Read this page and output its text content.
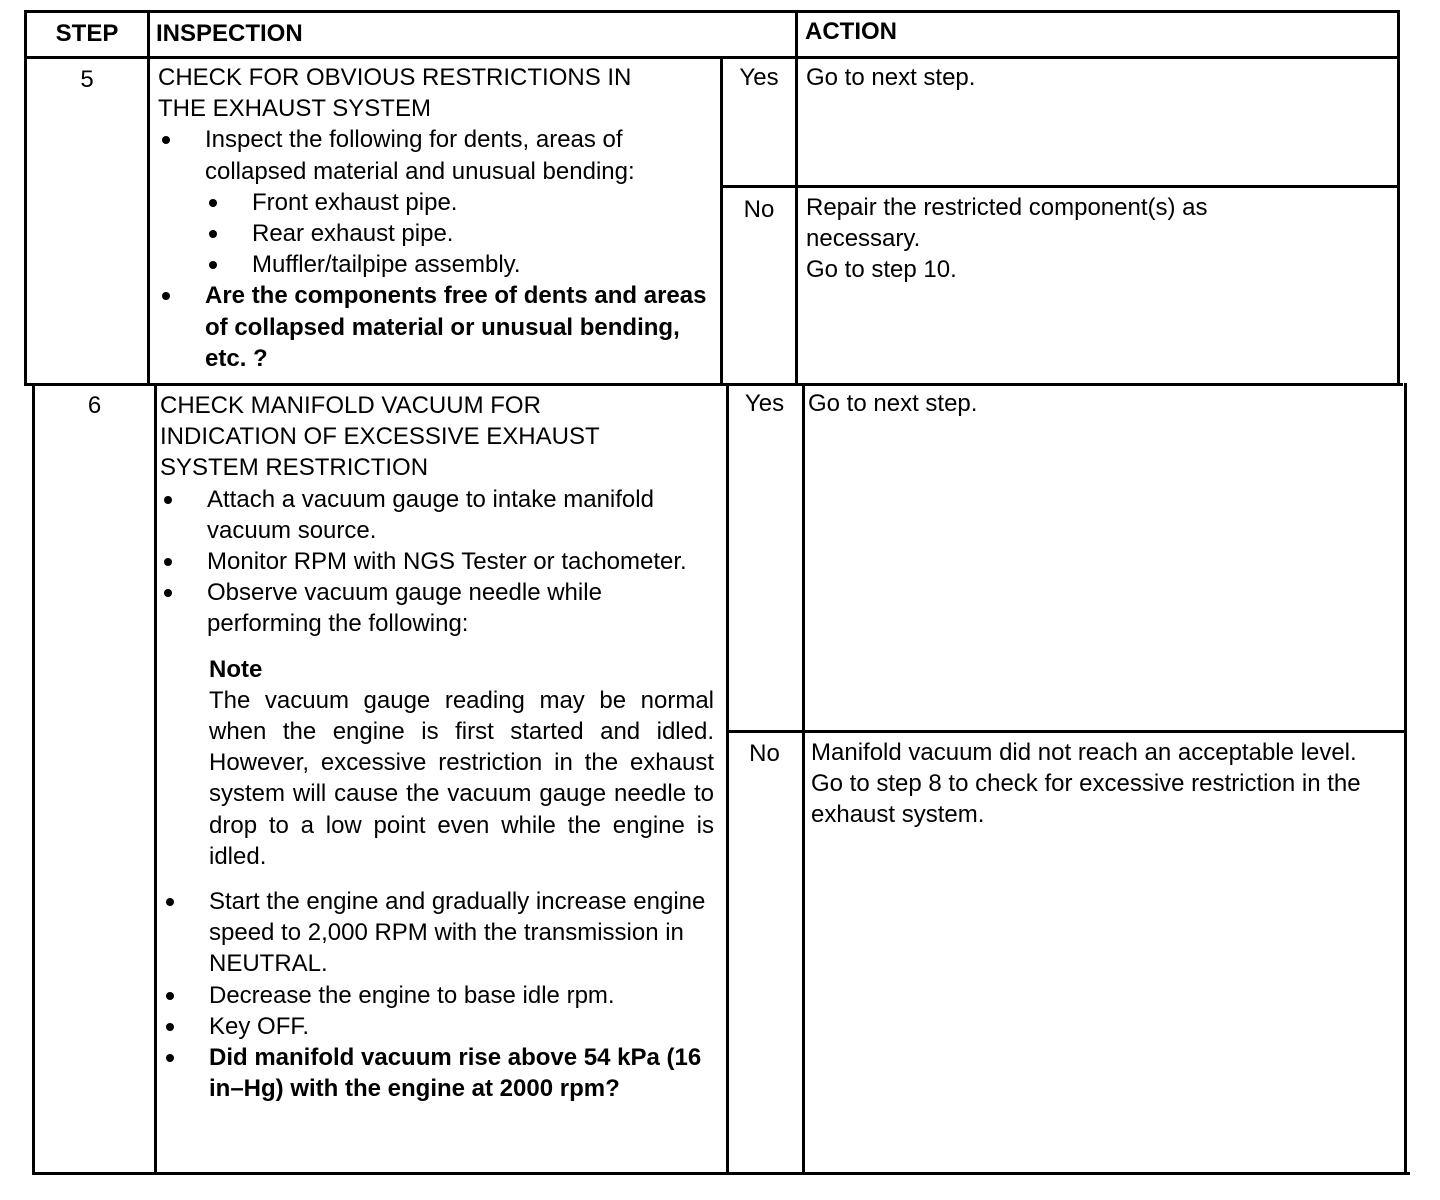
STEP	INSPECTION	ACTION
5	CHECK FOR OBVIOUS RESTRICTIONS IN

THE EXHAUST SYSTEM

Inspect the following for dents, areas of collapsed material and unusual bending:
Front exhaust pipe.
Rear exhaust pipe.
Muffler/tailpipe assembly.
Are the components free of dents and areas of collapsed material or unusual bending, etc. ?
Yes	Go to next step.
No	Repair the restricted component(s) as necessary.

Go to step 10.

6	CHECK MANIFOLD VACUUM FOR

INDICATION OF EXCESSIVE EXHAUST

SYSTEM RESTRICTION

Attach a vacuum gauge to intake manifold vacuum source.
Monitor RPM with NGS Tester or tachometer.
Observe vacuum gauge needle while performing the following:

Note

The vacuum gauge reading may be normal when the engine is first started and idled. However, excessive restriction in the exhaust system will cause the vacuum gauge needle to drop to a low point even while the engine is idled.

Start the engine and gradually increase engine speed to 2,000 RPM with the transmission in NEUTRAL.
Decrease the engine to base idle rpm.
Key OFF.
Did manifold vacuum rise above 54 kPa (16 in–Hg) with the engine at 2000 rpm?
Yes Go to next step.
No	Manifold vacuum did not reach an acceptable level.

Go to step 8 to check for excessive restriction in the exhaust system.
